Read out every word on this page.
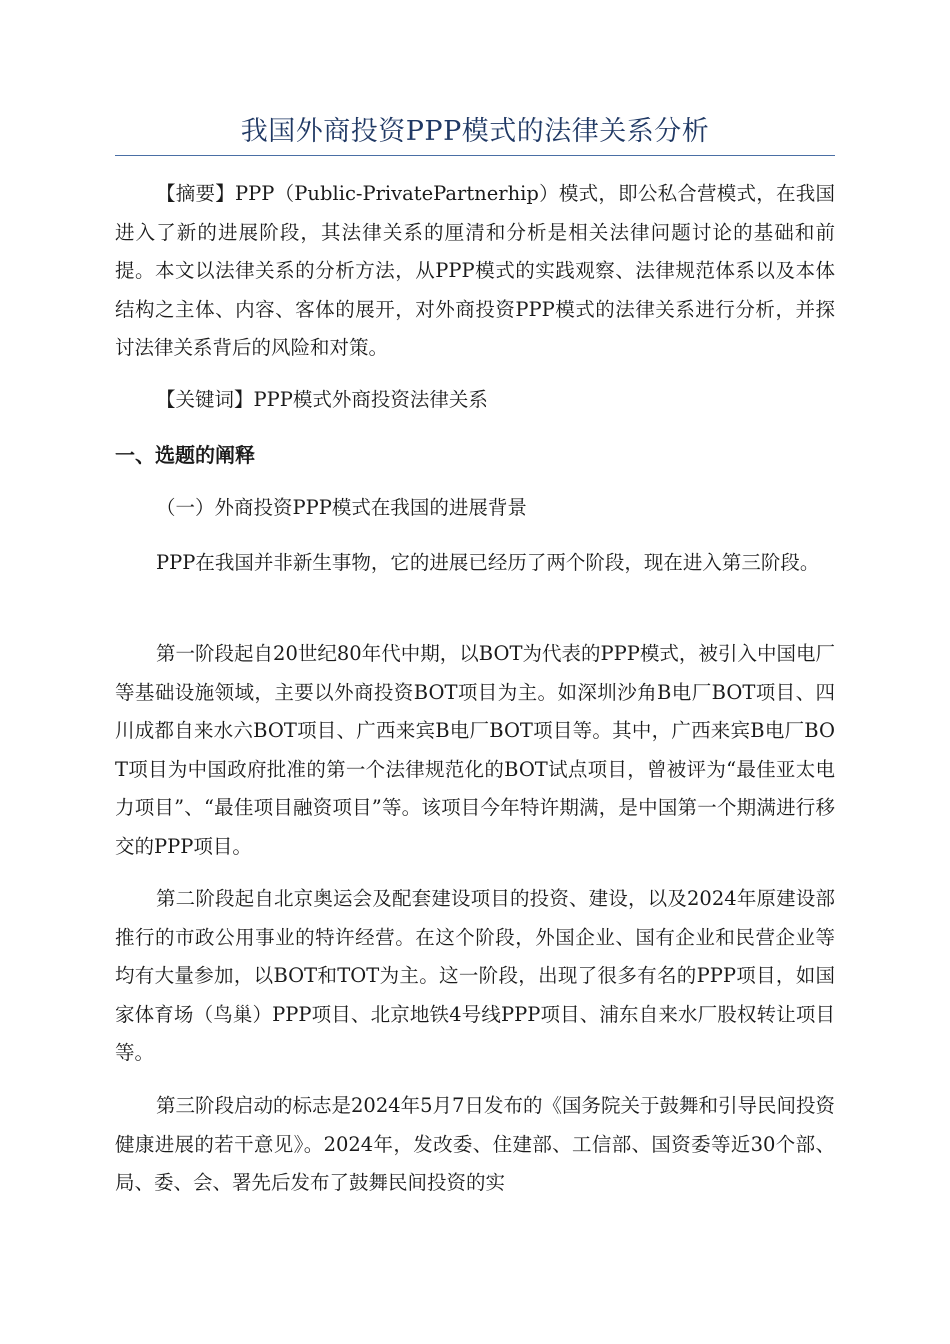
我国外商投资PPP模式的法律关系分析

【摘要】PPP（Public-PrivatePartnerhip）模式，即公私合营模式，在我国进入了新的进展阶段，其法律关系的厘清和分析是相关法律问题讨论的基础和前提。本文以法律关系的分析方法，从PPP模式的实践观察、法律规范体系以及本体结构之主体、内容、客体的展开，对外商投资PPP模式的法律关系进行分析，并探讨法律关系背后的风险和对策。

【关键词】PPP模式外商投资法律关系

一、选题的阐释

（一）外商投资PPP模式在我国的进展背景

PPP在我国并非新生事物，它的进展已经历了两个阶段，现在进入第三阶段。

第一阶段起自20世纪80年代中期，以BOT为代表的PPP模式，被引入中国电厂等基础设施领域，主要以外商投资BOT项目为主。如深圳沙角B电厂BOT项目、四川成都自来水六BOT项目、广西来宾B电厂BOT项目等。其中，广西来宾B电厂BOT项目为中国政府批准的第一个法律规范化的BOT试点项目，曾被评为“最佳亚太电力项目”、“最佳项目融资项目”等。该项目今年特许期满，是中国第一个期满进行移交的PPP项目。

第二阶段起自北京奥运会及配套建设项目的投资、建设，以及2024年原建设部推行的市政公用事业的特许经营。在这个阶段，外国企业、国有企业和民营企业等均有大量参加，以BOT和TOT为主。这一阶段，出现了很多有名的PPP项目，如国家体育场（鸟巢）PPP项目、北京地铁4号线PPP项目、浦东自来水厂股权转让项目等。

第三阶段启动的标志是2024年5月7日发布的《国务院关于鼓舞和引导民间投资健康进展的若干意见》。2024年，发改委、住建部、工信部、国资委等近30个部、局、委、会、署先后发布了鼓舞民间投资的实
